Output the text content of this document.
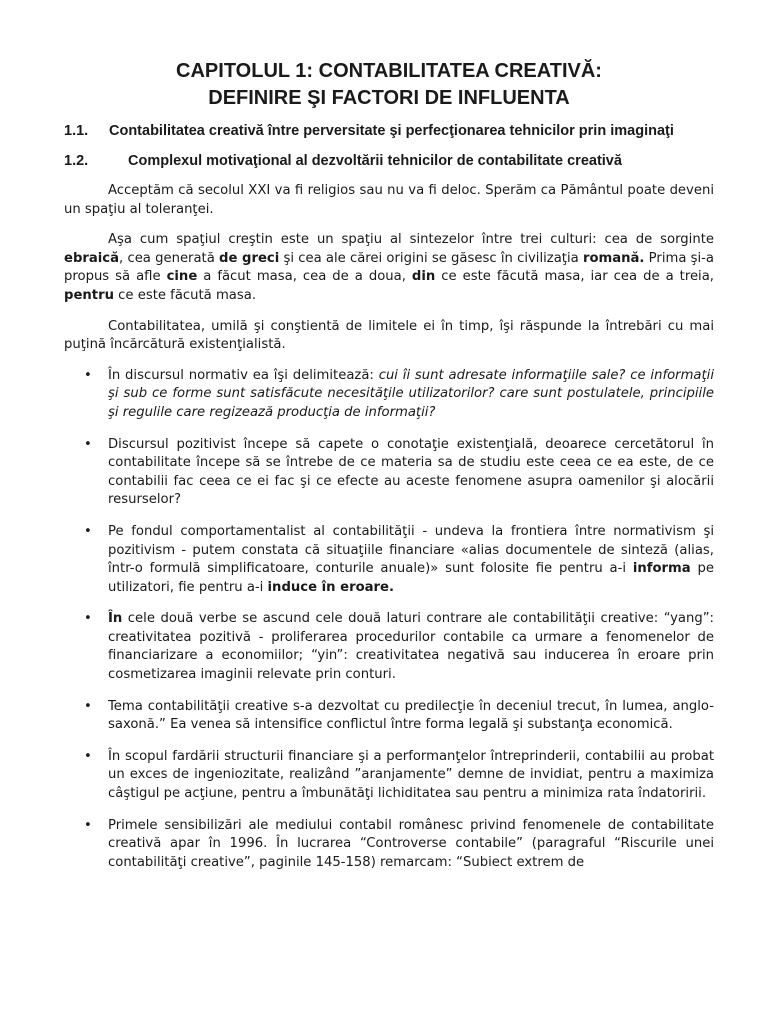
CAPITOLUL 1: CONTABILITATEA CREATIVĂ:
DEFINIRE ŞI FACTORI DE INFLUENTA
1.1. Contabilitatea creativă între perversitate şi perfecţionarea tehnicilor prin imaginaţi
1.2.	Complexul motivaţional al dezvoltării tehnicilor de contabilitate creativă

Acceptăm că secolul XXI va fi religios sau nu va fi deloc. Sperăm ca Pământul poate deveni un spaţiu al toleranţei.

Aşa cum spaţiul creştin este un spaţiu al sintezelor între trei culturi: cea de sorginte ebraică, cea generată de greci şi cea ale cărei origini se găsesc în civilizaţia romană. Prima şi-a propus să afle cine a făcut masa, cea de a doua, din ce este făcută masa, iar cea de a treia, pentru ce este făcută masa.

Contabilitatea, umilă şi conştientă de limitele ei în timp, îşi răspunde la întrebări cu mai puţină încărcătură existenţialistă.

• În discursul normativ ea îşi delimitează: cui îi sunt adresate informaţiile sale? ce informaţii şi sub ce forme sunt satisfăcute necesităţile utilizatorilor? care sunt postulatele, principiile şi regulile care regizează producţia de informaţii?

• Discursul pozitivist începe să capete o conotaţie existenţială, deoarece cercetătorul în contabilitate începe să se întrebe de ce materia sa de studiu este ceea ce ea este, de ce contabilii fac ceea ce ei fac şi ce efecte au aceste fenomene asupra oamenilor şi alocării resurselor?

• Pe fondul comportamentalist al contabilităţii - undeva la frontiera între normativism şi pozitivism - putem constata că situaţiile financiare «alias documentele de sinteză (alias, într-o formulă simplificatoare, conturile anuale)» sunt folosite fie pentru a-i informa pe utilizatori, fie pentru a-i induce în eroare.

• În cele două verbe se ascund cele două laturi contrare ale contabilităţii creative: “yang”: creativitatea pozitivă - proliferarea procedurilor contabile ca urmare a fenomenelor de financiarizare a economiilor; “yin”: creativitatea negativă sau inducerea în eroare prin cosmetizarea imaginii relevate prin conturi.

• Tema contabilităţii creative s-a dezvoltat cu predilecţie în deceniul trecut, în lumea, anglo-saxonă.” Ea venea să intensifice conflictul între forma legală şi substanţa economică.

• În scopul fardării structurii financiare şi a performanţelor întreprinderii, contabilii au probat un exces de ingeniozitate, realizând ”aranjamente” demne de invidiat, pentru a maximiza câştigul pe acţiune, pentru a îmbunătăţi lichiditatea sau pentru a minimiza rata îndatoririi.

• Primele sensibilizări ale mediului contabil românesc privind fenomenele de contabilitate creativă apar în 1996. În lucrarea “Controverse contabile” (paragraful “Riscurile unei contabilităţi creative”, paginile 145-158) remarcam: “Subiect extrem de
